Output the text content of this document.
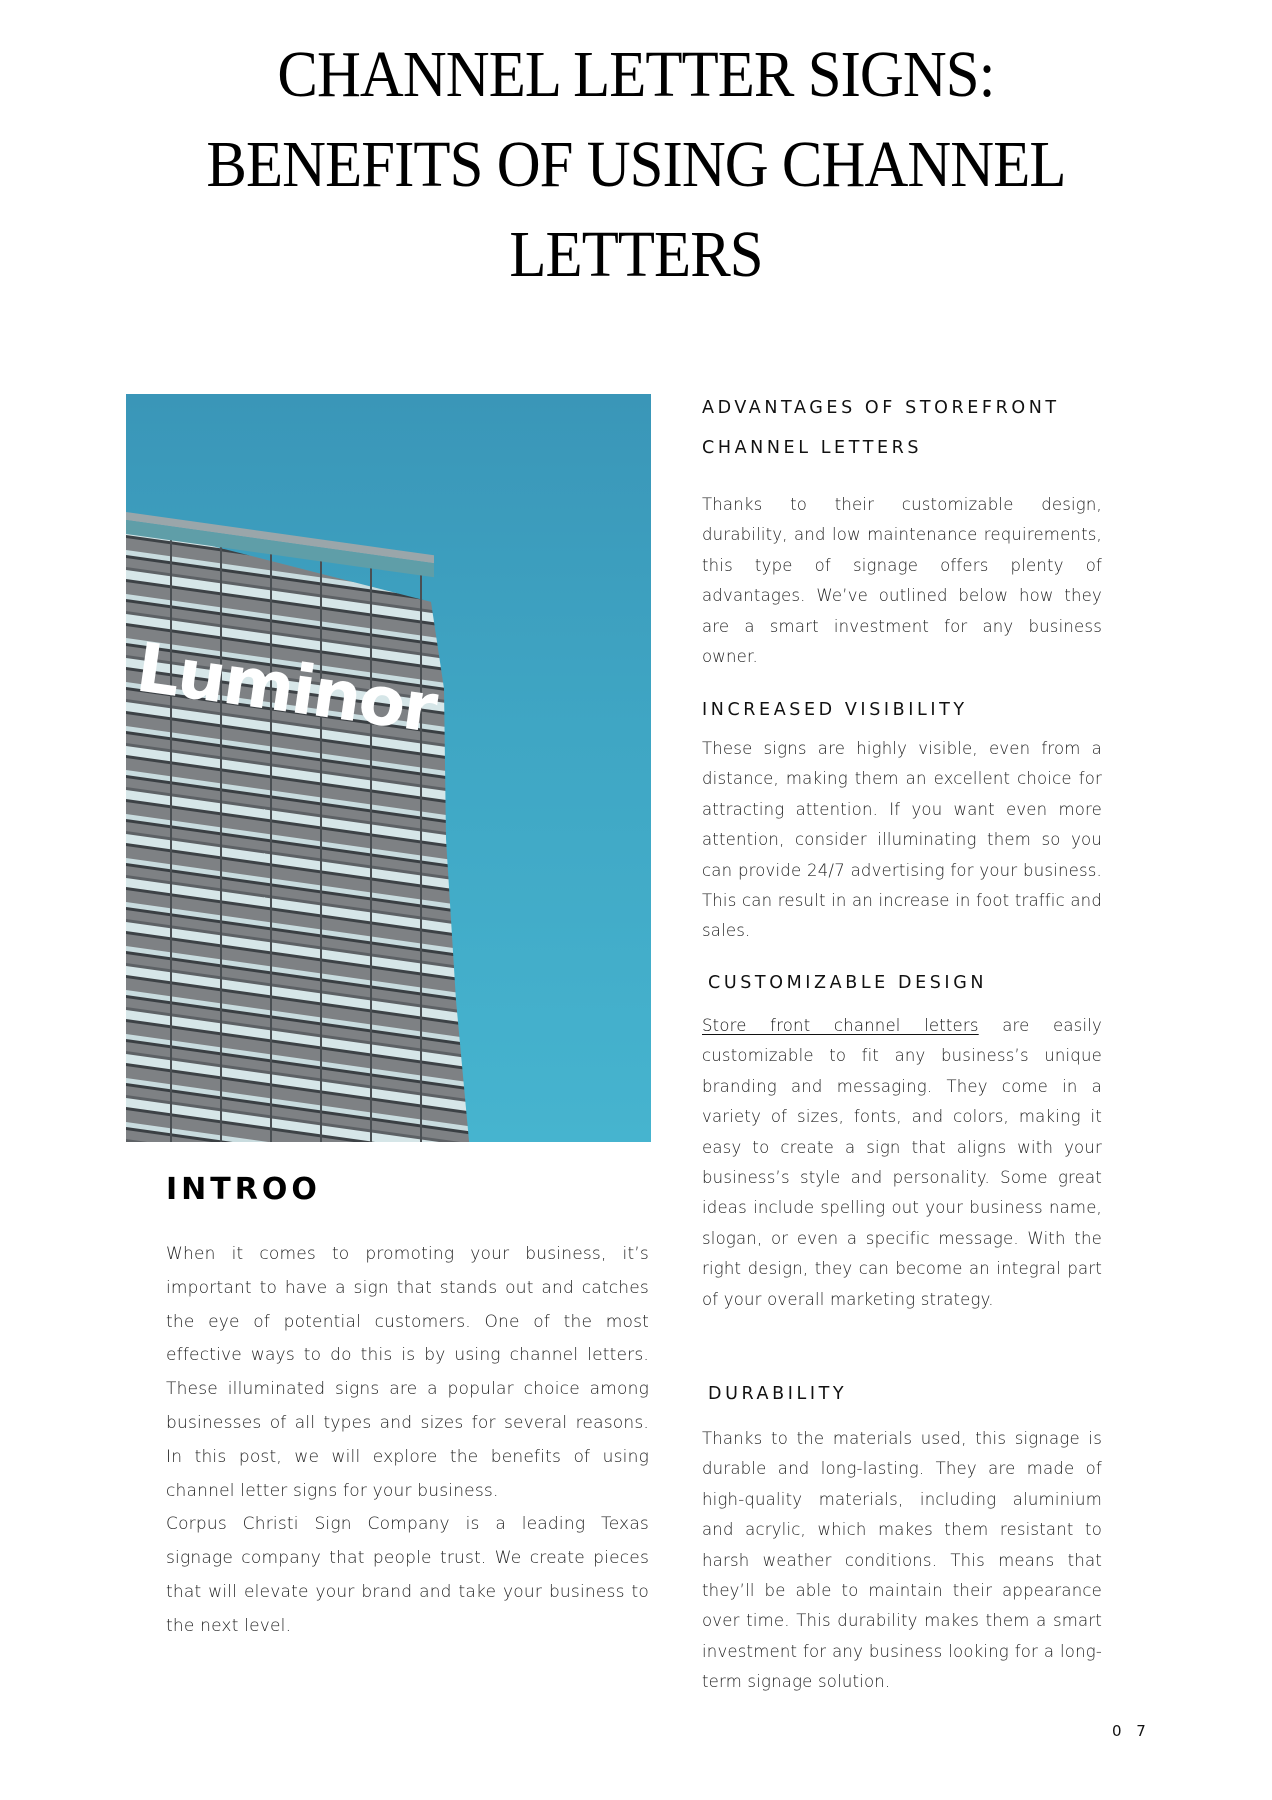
CHANNEL LETTER SIGNS:
BENEFITS OF USING CHANNEL
LETTERS
Luminor
INTROO

When it comes to promoting your business, it’s important to have a sign that stands out and catches the eye of potential customers. One of the most effective ways to do this is by using channel letters. These illuminated signs are a popular choice among businesses of all types and sizes for several reasons. In this post, we will explore the benefits of using channel letter signs for your business.

Corpus Christi Sign Company is a leading Texas signage company that people trust. We create pieces that will elevate your brand and take your business to the next level.

ADVANTAGES OF STOREFRONT
CHANNEL LETTERS

Thanks to their customizable design, durability, and low maintenance requirements, this type of signage offers plenty of advantages. We’ve outlined below how they are a smart investment for any business owner.

INCREASED VISIBILITY

These signs are highly visible, even from a distance, making them an excellent choice for attracting attention. If you want even more attention, consider illuminating them so you can provide 24/7 advertising for your business. This can result in an increase in foot traffic and sales.

CUSTOMIZABLE DESIGN

Store front channel letters are easily customizable to fit any business’s unique branding and messaging. They come in a variety of sizes, fonts, and colors, making it easy to create a sign that aligns with your business’s style and personality. Some great ideas include spelling out your business name, slogan, or even a specific message. With the right design, they can become an integral part of your overall marketing strategy.

DURABILITY

Thanks to the materials used, this signage is durable and long-lasting. They are made of high-quality materials, including aluminium and acrylic, which makes them resistant to harsh weather conditions. This means that they’ll be able to maintain their appearance over time. This durability makes them a smart investment for any business looking for a long-term signage solution.

0 7
